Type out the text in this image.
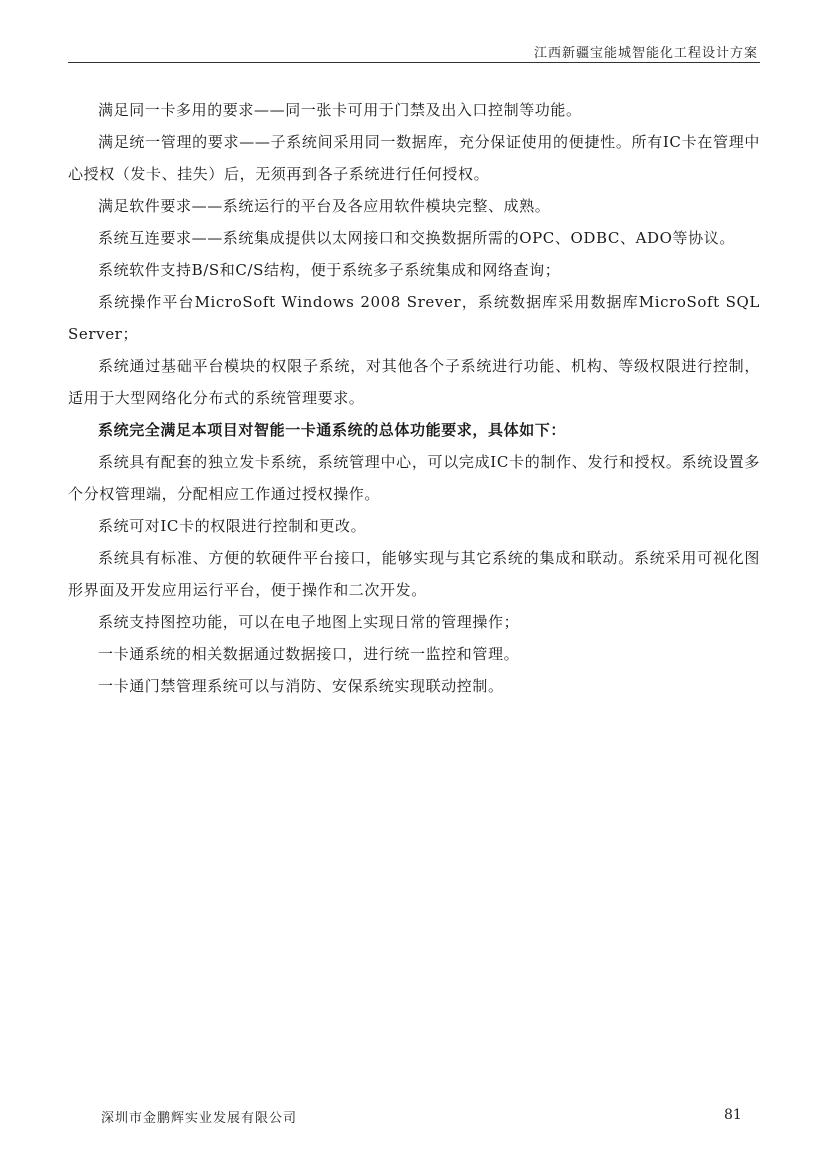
江西新疆宝能城智能化工程设计方案

满足同一卡多用的要求——同一张卡可用于门禁及出入口控制等功能。

满足统一管理的要求——子系统间采用同一数据库，充分保证使用的便捷性。所有IC卡在管理中心授权（发卡、挂失）后，无须再到各子系统进行任何授权。

满足软件要求——系统运行的平台及各应用软件模块完整、成熟。

系统互连要求——系统集成提供以太网接口和交换数据所需的OPC、ODBC、ADO等协议。

系统软件支持B/S和C/S结构，便于系统多子系统集成和网络查询；

系统操作平台MicroSoft Windows 2008 Srever，系统数据库采用数据库MicroSoft SQL Server；

系统通过基础平台模块的权限子系统，对其他各个子系统进行功能、机构、等级权限进行控制，适用于大型网络化分布式的系统管理要求。

系统完全满足本项目对智能一卡通系统的总体功能要求，具体如下：

系统具有配套的独立发卡系统，系统管理中心，可以完成IC卡的制作、发行和授权。系统设置多个分权管理端，分配相应工作通过授权操作。

系统可对IC卡的权限进行控制和更改。

系统具有标准、方便的软硬件平台接口，能够实现与其它系统的集成和联动。系统采用可视化图形界面及开发应用运行平台，便于操作和二次开发。

系统支持图控功能，可以在电子地图上实现日常的管理操作；

一卡通系统的相关数据通过数据接口，进行统一监控和管理。

一卡通门禁管理系统可以与消防、安保系统实现联动控制。

深圳市金鹏辉实业发展有限公司	81
